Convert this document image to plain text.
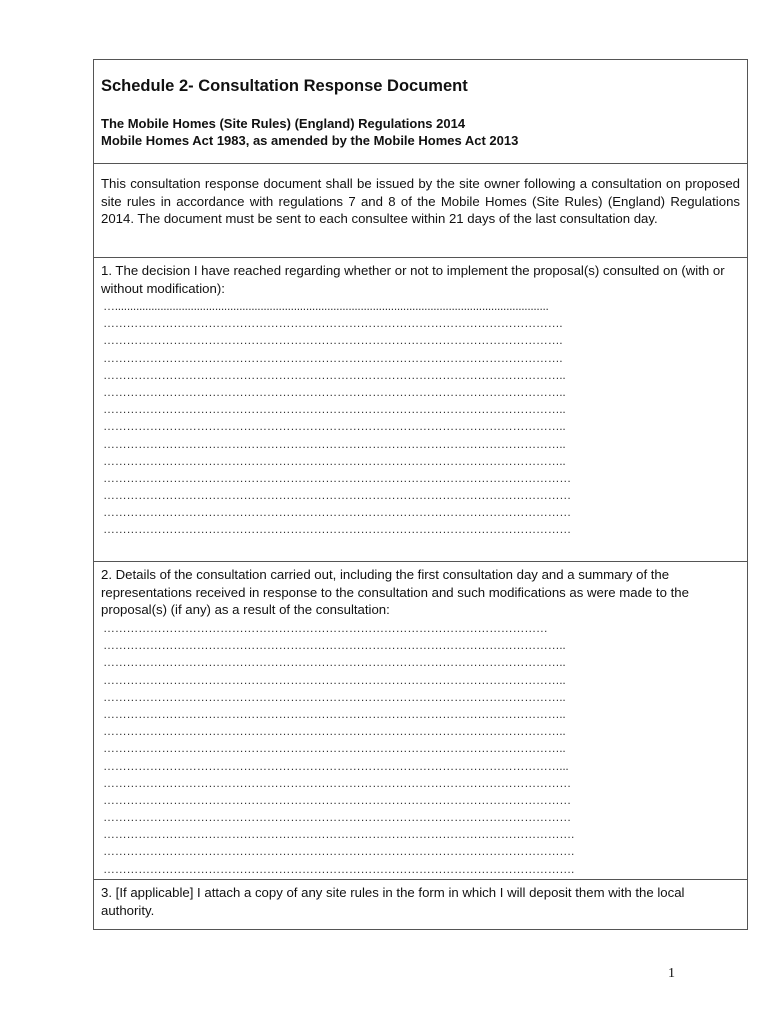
Schedule 2- Consultation Response Document
The Mobile Homes (Site Rules) (England) Regulations 2014
Mobile Homes Act 1983, as amended by the Mobile Homes Act 2013

This consultation response document shall be issued by the site owner following a consultation on proposed site rules in accordance with regulations 7 and 8 of the Mobile Homes (Site Rules) (England) Regulations 2014. The document must be sent to each consultee within 21 days of the last consultation day.

1. The decision I have reached regarding whether or not to implement the proposal(s) consulted on (with or without modification):

…...............................................................................................................................................
……………………………………………………………………………………………………….
……………………………………………………………………………………………………….
……………………………………………………………………………………………………….
………………………………………………………………………………………………………..
………………………………………………………………………………………………………..
………………………………………………………………………………………………………..
………………………………………………………………………………………………………..
………………………………………………………………………………………………………..
………………………………………………………………………………………………………..
…………………………………………………………………………………………………………
…………………………………………………………………………………………………………
…………………………………………………………………………………………………………
…………………………………………………………………………………………………………

2. Details of the consultation carried out, including the first consultation day and a summary of the representations received in response to the consultation and such modifications as were made to the proposal(s) (if any) as a result of the consultation:

……………………………………………………………………………………………………
………………………………………………………………………………………………………..
………………………………………………………………………………………………………..
………………………………………………………………………………………………………..
………………………………………………………………………………………………………..
………………………………………………………………………………………………………..
………………………………………………………………………………………………………..
………………………………………………………………………………………………………..
………………………………………………………………………………………………………...
…………………………………………………………………………………………………………
…………………………………………………………………………………………………………
…………………………………………………………………………………………………………
………………………………………………………………………………………………………….
………………………………………………………………………………………………………….
………………………………………………………………………………………………………….

3. [If applicable] I attach a copy of any site rules in the form in which I will deposit them with the local authority.

1
